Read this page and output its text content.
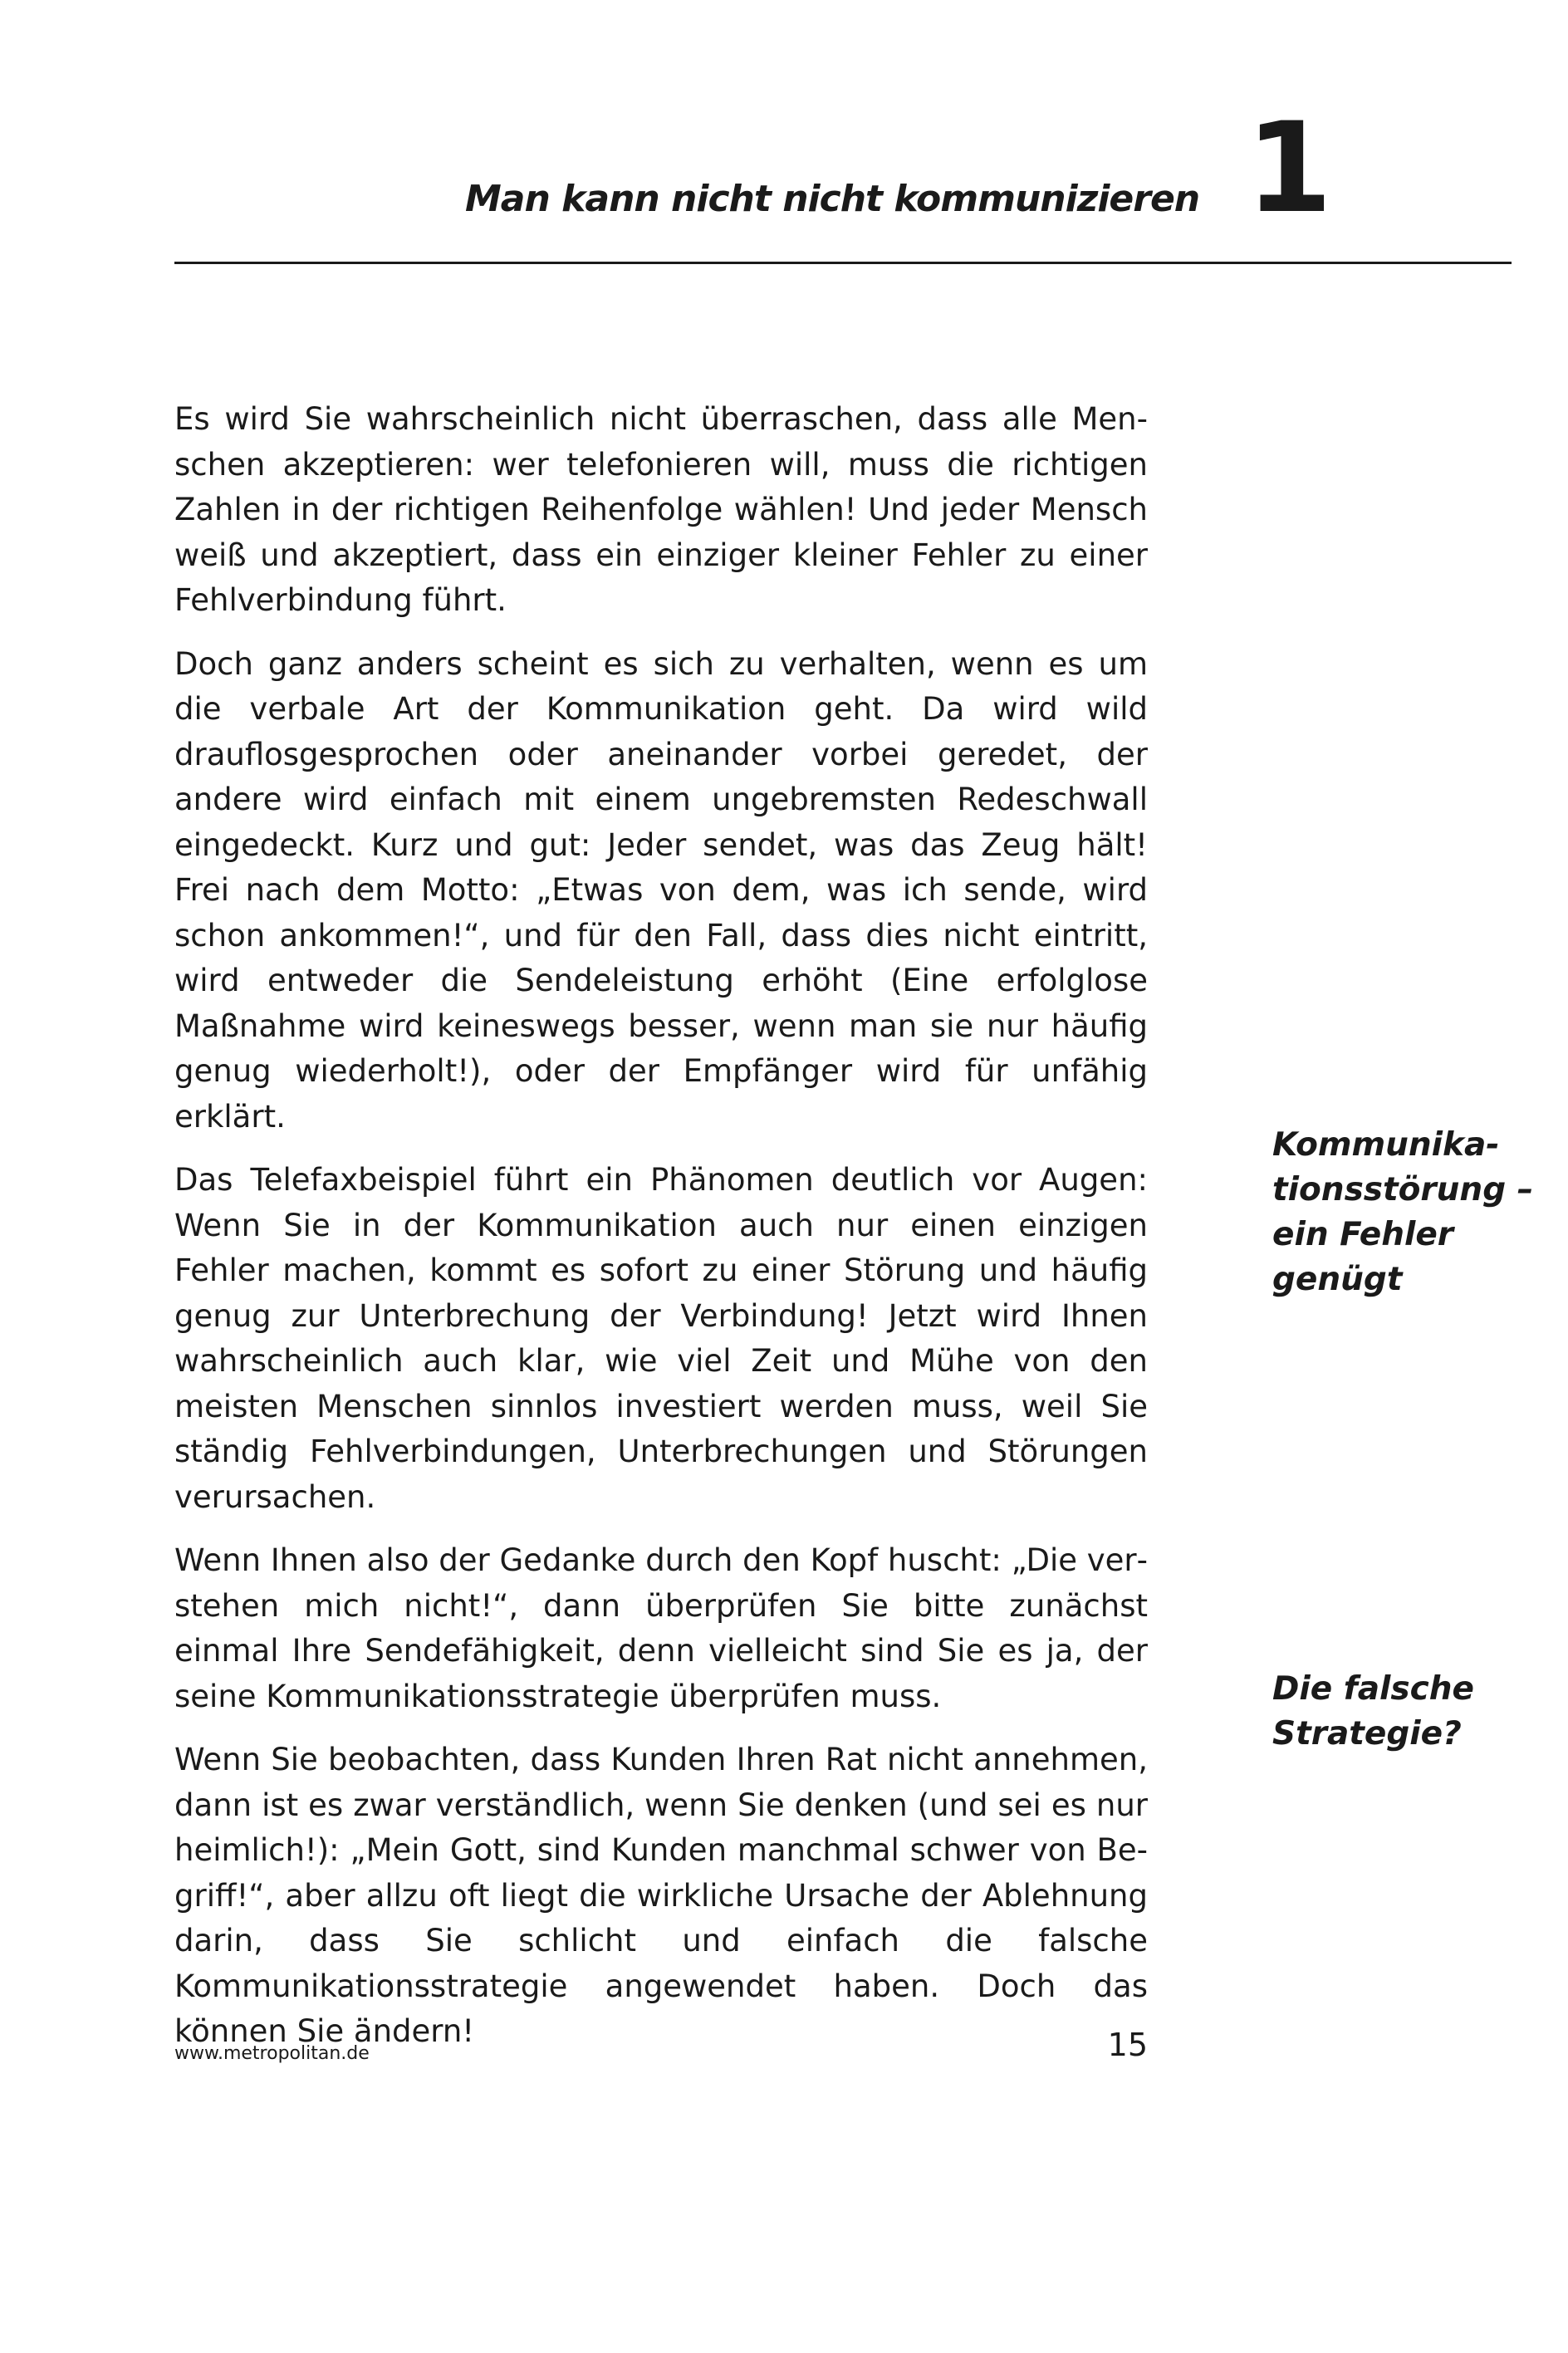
Man kann nicht nicht kommunizieren 1

Es wird Sie wahrscheinlich nicht überraschen, dass alle Menschen akzeptieren: wer telefonieren will, muss die richtigen Zahlen in der richtigen Reihenfolge wählen! Und jeder Mensch weiß und akzeptiert, dass ein einziger kleiner Fehler zu einer Fehlverbindung führt.

Doch ganz anders scheint es sich zu verhalten, wenn es um die verbale Art der Kommunikation geht. Da wird wild drauflosgesprochen oder aneinander vorbei geredet, der andere wird einfach mit einem ungebremsten Redeschwall eingedeckt. Kurz und gut: Jeder sendet, was das Zeug hält! Frei nach dem Motto: „Etwas von dem, was ich sende, wird schon ankommen!“, und für den Fall, dass dies nicht eintritt, wird entweder die Sendeleistung erhöht (Eine erfolglose Maßnahme wird keineswegs besser, wenn man sie nur häufig genug wiederholt!), oder der Empfänger wird für unfähig erklärt.

Das Telefaxbeispiel führt ein Phänomen deutlich vor Augen: Wenn Sie in der Kommunikation auch nur einen einzigen Fehler machen, kommt es sofort zu einer Störung und häufig genug zur Unterbrechung der Verbindung! Jetzt wird Ihnen wahrscheinlich auch klar, wie viel Zeit und Mühe von den meisten Menschen sinnlos investiert werden muss, weil Sie ständig Fehlverbindungen, Unterbrechungen und Störungen verursachen.

Wenn Ihnen also der Gedanke durch den Kopf huscht: „Die verstehen mich nicht!“, dann überprüfen Sie bitte zunächst einmal Ihre Sendefähigkeit, denn vielleicht sind Sie es ja, der seine Kommunikationsstrategie überprüfen muss.

Wenn Sie beobachten, dass Kunden Ihren Rat nicht annehmen, dann ist es zwar verständlich, wenn Sie denken (und sei es nur heimlich!): „Mein Gott, sind Kunden manchmal schwer von Begriff!“, aber allzu oft liegt die wirkliche Ursache der Ablehnung darin, dass Sie schlicht und einfach die falsche Kommunikationsstrategie angewendet haben. Doch das können Sie ändern!

Kommunika-
tionsstörung –
ein Fehler
genügt
Die falsche
Strategie?
www.metropolitan.de	15
